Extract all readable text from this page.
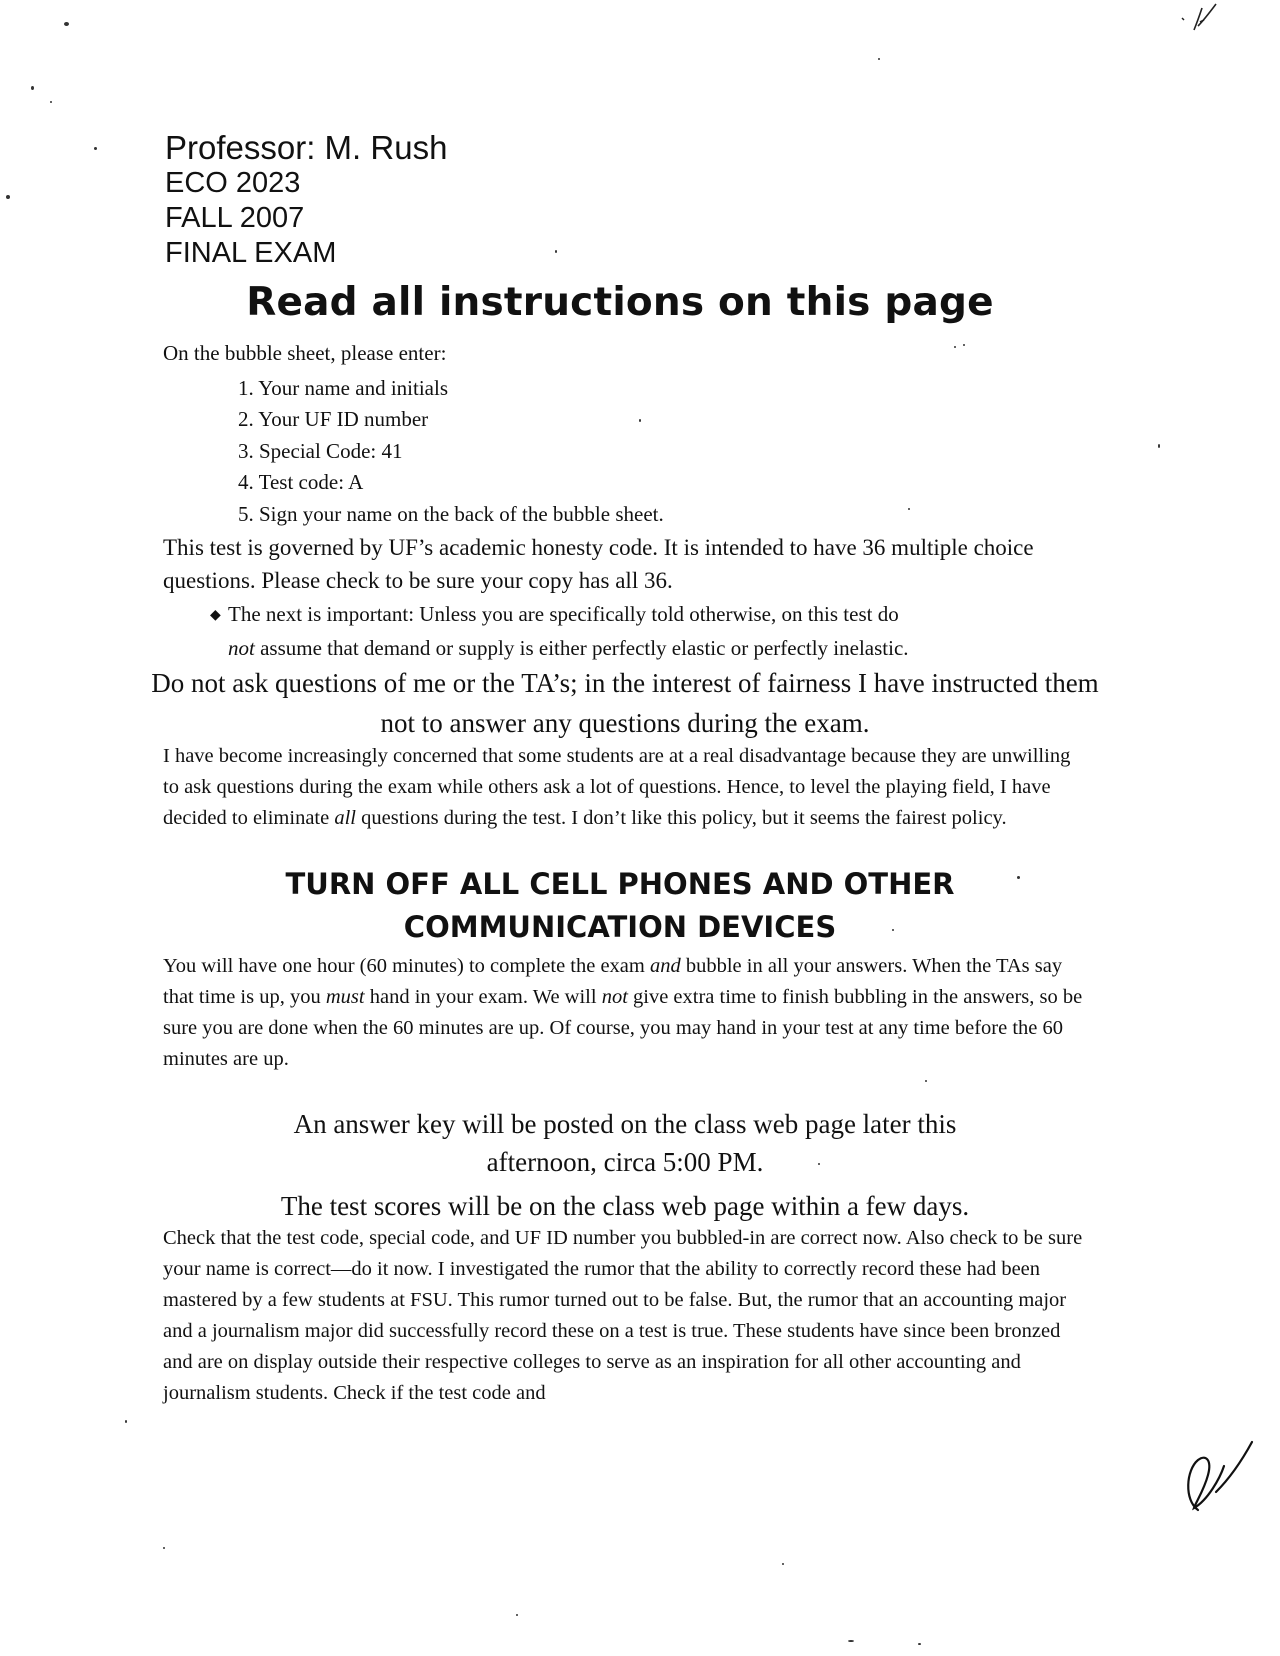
Professor: M. Rush
ECO 2023
FALL 2007
FINAL EXAM
Read all instructions on this page
On the bubble sheet, please enter:
1. Your name and initials
2. Your UF ID number
3. Special Code: 41
4. Test code: A
5. Sign your name on the back of the bubble sheet.

This test is governed by UF’s academic honesty code. It is intended to have 36 multiple choice questions. Please check to be sure your copy has all 36.

◆ The next is important: Unless you are specifically told otherwise, on this test do
not assume that demand or supply is either perfectly elastic or perfectly inelastic.
Do not ask questions of me or the TA’s; in the interest of fairness I have instructed them not to answer any questions during the exam.

I have become increasingly concerned that some students are at a real disadvantage because they are unwilling to ask questions during the exam while others ask a lot of questions. Hence, to level the playing field, I have decided to eliminate all questions during the test. I don’t like this policy, but it seems the fairest policy.

TURN OFF ALL CELL PHONES AND OTHER
COMMUNICATION DEVICES

You will have one hour (60 minutes) to complete the exam and bubble in all your answers. When the TAs say that time is up, you must hand in your exam. We will not give extra time to finish bubbling in the answers, so be sure you are done when the 60 minutes are up. Of course, you may hand in your test at any time before the 60 minutes are up.

An answer key will be posted on the class web page later this
afternoon, circa 5:00 PM.
The test scores will be on the class web page within a few days.

Check that the test code, special code, and UF ID number you bubbled-in are correct now. Also check to be sure your name is correct—do it now. I investigated the rumor that the ability to correctly record these had been mastered by a few students at FSU. This rumor turned out to be false. But, the rumor that an accounting major and a journalism major did successfully record these on a test is true. These students have since been bronzed and are on display outside their respective colleges to serve as an inspiration for all other accounting and journalism students. Check if the test code and
